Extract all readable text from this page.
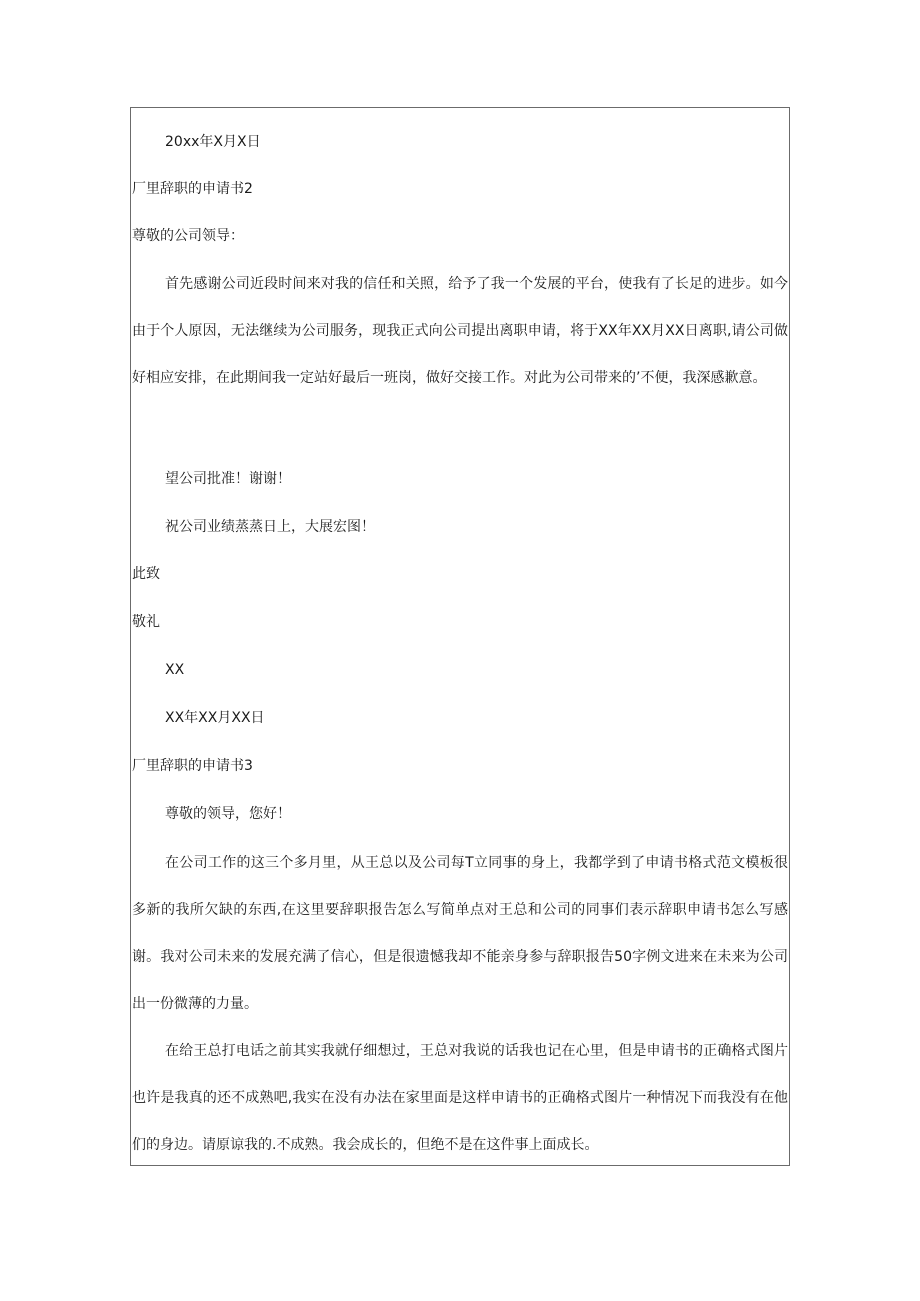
20xx年X月X日
厂里辞职的申请书2
尊敬的公司领导：

首先感谢公司近段时间来对我的信任和关照，给予了我一个发展的平台，使我有了长足的进步。如今由于个人原因，无法继续为公司服务，现我正式向公司提出离职申请，将于XX年XX月XX日离职,请公司做好相应安排，在此期间我一定站好最后一班岗，做好交接工作。对此为公司带来的’不便，我深感歉意。

望公司批准！谢谢！
祝公司业绩蒸蒸日上，大展宏图！
此致
敬礼
XX
XX年XX月XX日
厂里辞职的申请书3
尊敬的领导，您好！

在公司工作的这三个多月里，从王总以及公司每T立同事的身上，我都学到了申请书格式范文模板很多新的我所欠缺的东西,在这里要辞职报告怎么写简单点对王总和公司的同事们表示辞职申请书怎么写感谢。我对公司未来的发展充满了信心，但是很遗憾我却不能亲身参与辞职报告50字例文进来在未来为公司出一份微薄的力量。

在给王总打电话之前其实我就仔细想过，王总对我说的话我也记在心里，但是申请书的正确格式图片也许是我真的还不成熟吧,我实在没有办法在家里面是这样申请书的正确格式图片一种情况下而我没有在他们的身边。请原谅我的.不成熟。我会成长的，但绝不是在这件事上面成长。
